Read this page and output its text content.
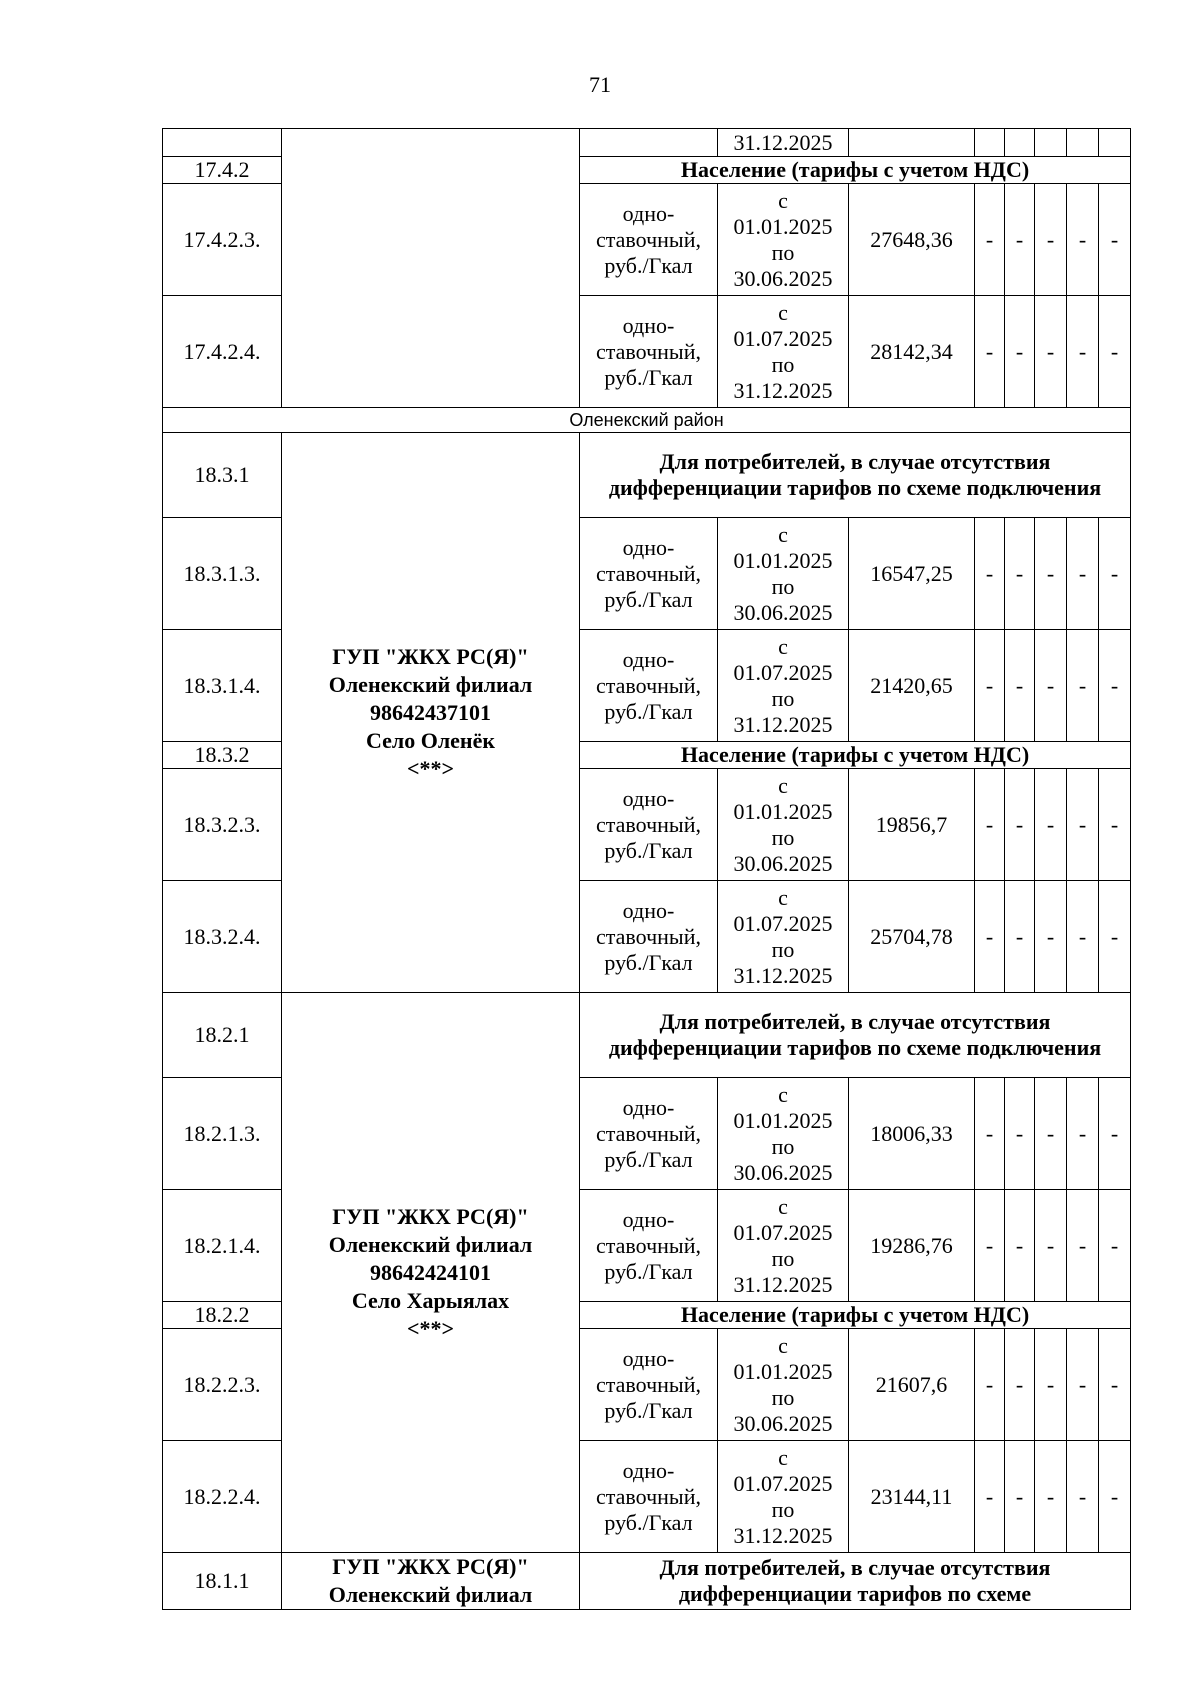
71
			31.12.2025						
17.4.2		Население (тарифы с учетом НДС)							
17.4.2.3.		одно-
ставочный,
руб./Гкал	с
01.01.2025
по
30.06.2025	27648,36	-	-	-	-	-
17.4.2.4.		одно-
ставочный,
руб./Гкал	с
01.07.2025
по
31.12.2025	28142,34	-	-	-	-	-
Оленекский район									
18.3.1	ГУП "ЖКХ РС(Я)"
Оленекский филиал
98642437101
Село Оленёк
<**>	Для потребителей, в случае отсутствия дифференциации тарифов по схеме подключения							
18.3.1.3.		одно-
ставочный,
руб./Гкал	с
01.01.2025
по
30.06.2025	16547,25	-	-	-	-	-
18.3.1.4.		одно-
ставочный,
руб./Гкал	с
01.07.2025
по
31.12.2025	21420,65	-	-	-	-	-
18.3.2		Население (тарифы с учетом НДС)							
18.3.2.3.		одно-
ставочный,
руб./Гкал	с
01.01.2025
по
30.06.2025	19856,7	-	-	-	-	-
18.3.2.4.		одно-
ставочный,
руб./Гкал	с
01.07.2025
по
31.12.2025	25704,78	-	-	-	-	-
18.2.1	ГУП "ЖКХ РС(Я)"
Оленекский филиал
98642424101
Село Харыялах
<**>	Для потребителей, в случае отсутствия дифференциации тарифов по схеме подключения							
18.2.1.3.		одно-
ставочный,
руб./Гкал	с
01.01.2025
по
30.06.2025	18006,33	-	-	-	-	-
18.2.1.4.		одно-
ставочный,
руб./Гкал	с
01.07.2025
по
31.12.2025	19286,76	-	-	-	-	-
18.2.2		Население (тарифы с учетом НДС)							
18.2.2.3.		одно-
ставочный,
руб./Гкал	с
01.01.2025
по
30.06.2025	21607,6	-	-	-	-	-
18.2.2.4.		одно-
ставочный,
руб./Гкал	с
01.07.2025
по
31.12.2025	23144,11	-	-	-	-	-
18.1.1	ГУП "ЖКХ РС(Я)"
Оленекский филиал	Для потребителей, в случае отсутствия дифференциации тарифов по схеме							
